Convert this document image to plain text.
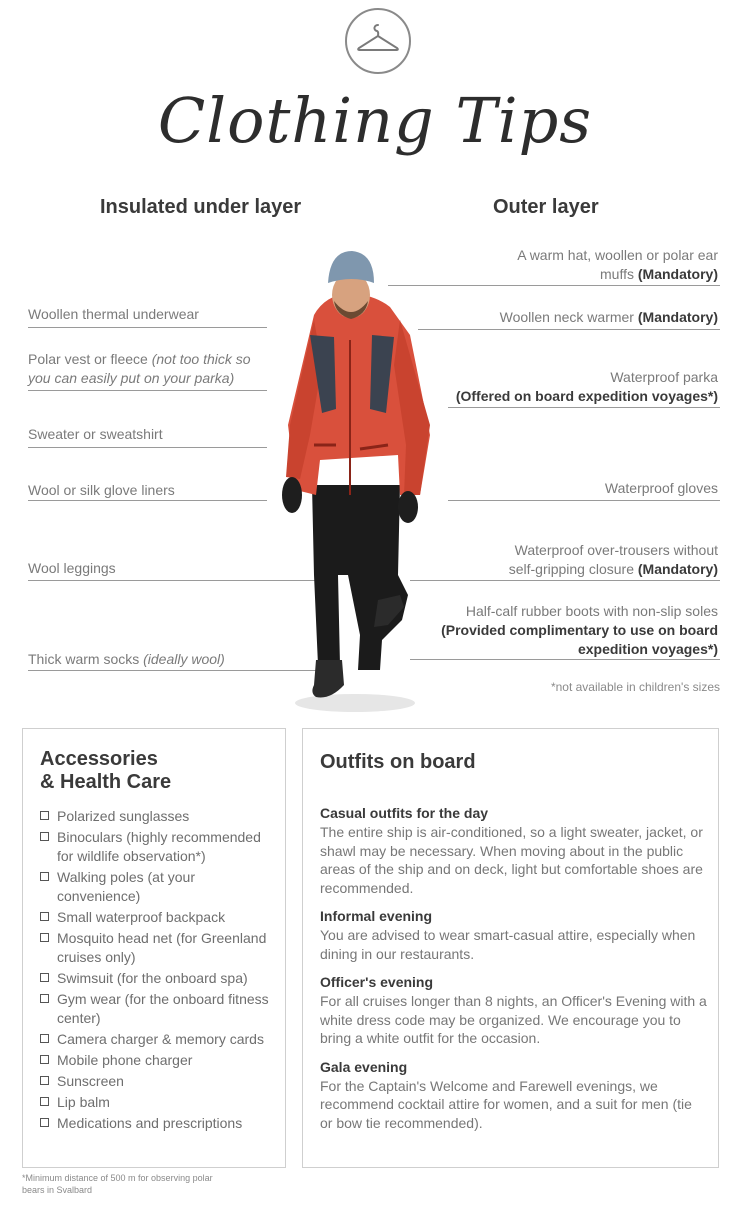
Clothing Tips
Insulated under layer	Outer layer
Woollen thermal underwear
Polar vest or fleece (not too thick so you can easily put on your parka)
Sweater or sweatshirt
Wool or silk glove liners
Wool leggings
Thick warm socks (ideally wool)
A warm hat, woollen or polar ear muffs (Mandatory)
Woollen neck warmer (Mandatory)
Waterproof parka
(Offered on board expedition voyages*)
Waterproof gloves
Waterproof over-trousers without self-gripping closure (Mandatory)
Half-calf rubber boots with non-slip soles
(Provided complimentary to use on board expedition voyages*)
*not available in children's sizes
Accessories
& Health Care
Polarized sunglasses
Binoculars (highly recommended for wildlife observation*)
Walking poles (at your convenience)
Small waterproof backpack
Mosquito head net (for Greenland cruises only)
Swimsuit (for the onboard spa)
Gym wear (for the onboard fitness center)
Camera charger & memory cards
Mobile phone charger
Sunscreen
Lip balm
Medications and prescriptions
Outfits on board
Casual outfits for the day

The entire ship is air-conditioned, so a light sweater, jacket, or shawl may be necessary. When moving about in the public areas of the ship and on deck, light but comfortable shoes are recommended.

Informal evening

You are advised to wear smart-casual attire, especially when dining in our restaurants.

Officer's evening

For all cruises longer than 8 nights, an Officer's Evening with a white dress code may be organized. We encourage you to bring a white outfit for the occasion.

Gala evening

For the Captain's Welcome and Farewell evenings, we recommend cocktail attire for women, and a suit for men (tie or bow tie recommended).

*Minimum distance of 500 m for observing polar bears in Svalbard
